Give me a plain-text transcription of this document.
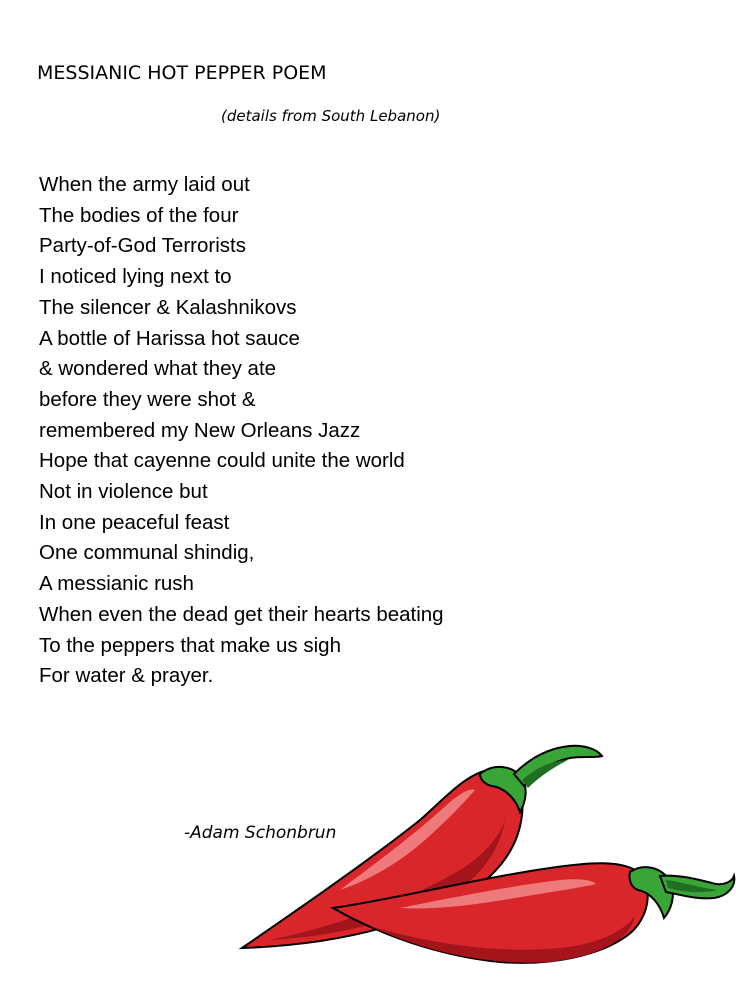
MESSIANIC HOT PEPPER POEM
(details from South Lebanon)
When the army laid out
The bodies of the four
Party-of-God Terrorists
I noticed lying next to
The silencer & Kalashnikovs
A bottle of Harissa hot sauce
& wondered what they ate
before they were shot &
remembered my New Orleans Jazz
Hope that cayenne could unite the world
Not in violence but
In one peaceful feast
One communal shindig,
A messianic rush
When even the dead get their hearts beating
To the peppers that make us sigh
For water & prayer.
-Adam Schonbrun
